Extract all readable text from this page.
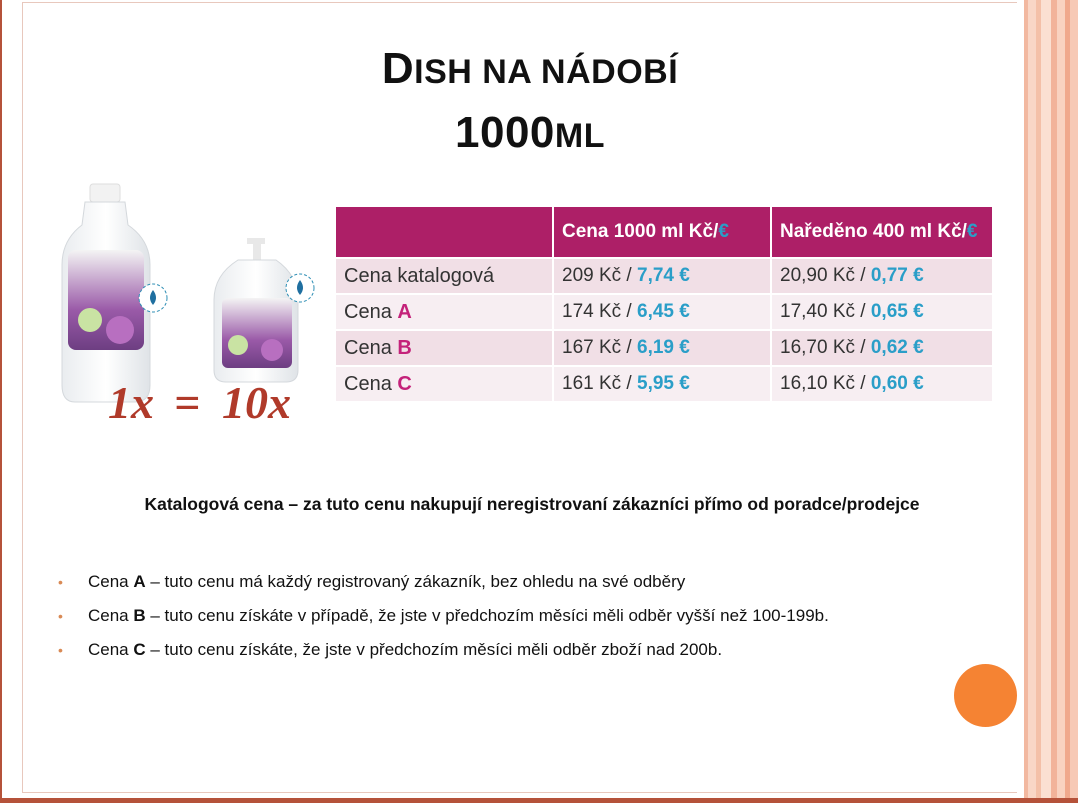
DISH NA NÁDOBÍ
1000ML
1x = 10x
	Cena 1000 ml Kč/€	Naředěno 400 ml Kč/€
Cena katalogová	209 Kč / 7,74 €	20,90 Kč / 0,77 €
Cena A	174 Kč / 6,45 €	17,40 Kč / 0,65 €
Cena B	167 Kč / 6,19 €	16,70 Kč / 0,62 €
Cena C	161 Kč / 5,95 €	16,10 Kč / 0,60 €
Katalogová cena – za tuto cenu nakupují neregistrovaní zákazníci přímo od poradce/prodejce
• Cena A – tuto cenu má každý registrovaný zákazník, bez ohledu na své odběry
• Cena B – tuto cenu získáte v případě, že jste v předchozím měsíci měli odběr vyšší než 100-199b.
• Cena C – tuto cenu získáte, že jste v předchozím měsíci měli odběr zboží nad 200b.
